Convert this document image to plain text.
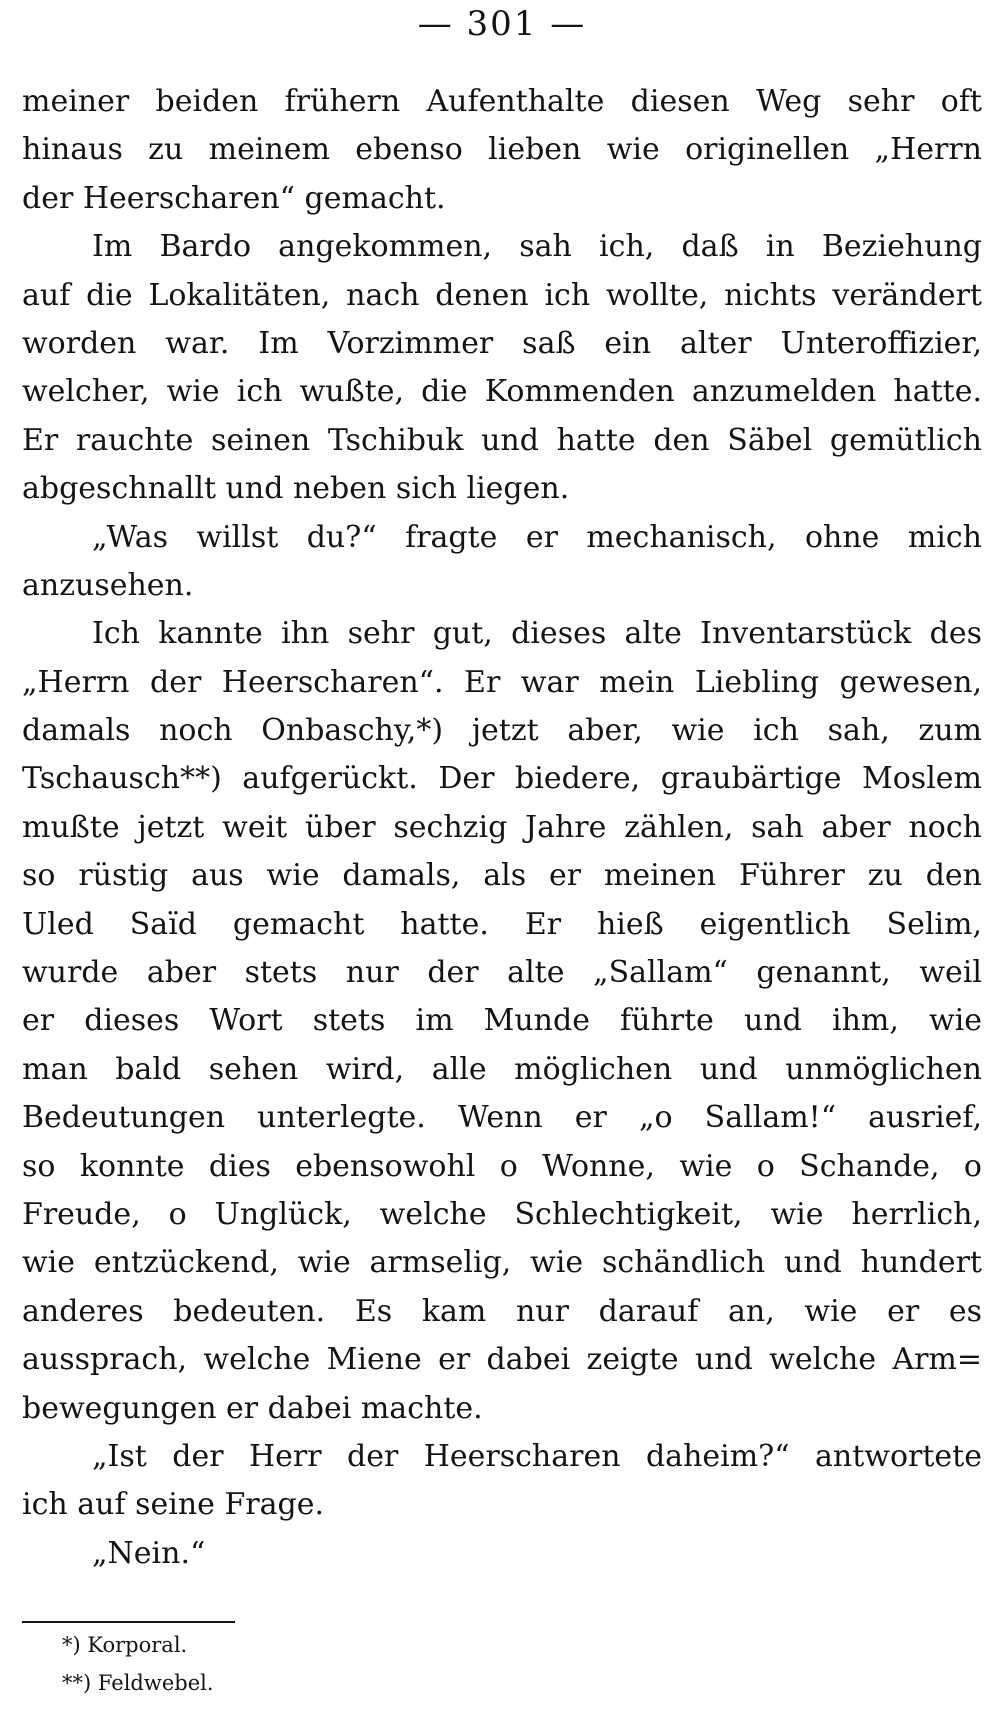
— 301 —
meiner beiden frühern Aufenthalte diesen Weg sehr oft
hinaus zu meinem ebenso lieben wie originellen „Herrn
der Heerscharen“ gemacht.
Im Bardo angekommen, sah ich, daß in Beziehung
auf die Lokalitäten, nach denen ich wollte, nichts verändert
worden war. Im Vorzimmer saß ein alter Unteroffizier,
welcher, wie ich wußte, die Kommenden anzumelden hatte.
Er rauchte seinen Tschibuk und hatte den Säbel gemütlich
abgeschnallt und neben sich liegen.
„Was willst du?“ fragte er mechanisch, ohne mich
anzusehen.
Ich kannte ihn sehr gut, dieses alte Inventarstück des
„Herrn der Heerscharen“. Er war mein Liebling gewesen,
damals noch Onbaschy,*) jetzt aber, wie ich sah, zum
Tschausch**) aufgerückt. Der biedere, graubärtige Moslem
mußte jetzt weit über sechzig Jahre zählen, sah aber noch
so rüstig aus wie damals, als er meinen Führer zu den
Uled Saïd gemacht hatte. Er hieß eigentlich Selim,
wurde aber stets nur der alte „Sallam“ genannt, weil
er dieses Wort stets im Munde führte und ihm, wie
man bald sehen wird, alle möglichen und unmöglichen
Bedeutungen unterlegte. Wenn er „o Sallam!“ ausrief,
so konnte dies ebensowohl o Wonne, wie o Schande, o
Freude, o Unglück, welche Schlechtigkeit, wie herrlich,
wie entzückend, wie armselig, wie schändlich und hundert
anderes bedeuten. Es kam nur darauf an, wie er es
aussprach, welche Miene er dabei zeigte und welche Arm=
bewegungen er dabei machte.
„Ist der Herr der Heerscharen daheim?“ antwortete
ich auf seine Frage.
„Nein.“
*) Korporal.
**) Feldwebel.
